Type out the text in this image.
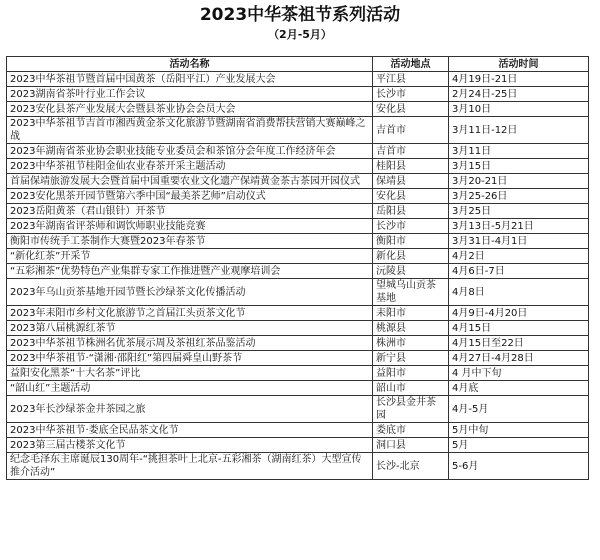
2023中华茶祖节系列活动
（2月-5月）
活动名称	活动地点	活动时间
2023中华茶祖节暨首届中国黄茶（岳阳平江）产业发展大会	平江县	4月19日-21日
2023湖南省茶叶行业工作会议	长沙市	2月24日-25日
2023安化县茶产业发展大会暨县茶业协会会员大会	安化县	3月10日
2023中华茶祖节吉首市湘西黄金茶文化旅游节暨湖南省消费帮扶营销大赛巅峰之战	吉首市	3月11日-12日
2023年湖南省茶业协会职业技能专业委员会和茶馆分会年度工作经济年会	吉首市	3月11日
2023中华茶祖节桂阳金仙农业春茶开采主题活动	桂阳县	3月15日
首届保靖旅游发展大会暨首届中国重要农业文化遗产保靖黄金茶古茶园开园仪式	保靖县	3月20-21日
2023安化黑茶开园节暨第六季中国“最美茶艺师”启动仪式	安化县	3月25-26日
2023岳阳黄茶（君山银针）开茶节	岳阳县	3月25日
2023年湖南省评茶师和调饮师职业技能竞赛	长沙市	3月13日-5月21日
衡阳市传统手工茶制作大赛暨2023年春茶节	衡阳市	3月31日-4月1日
“新化红茶”开采节	新化县	4月2日
“五彩湘茶”优势特色产业集群专家工作推进暨产业观摩培训会	沅陵县	4月6日-7日
2023年乌山贡茶基地开园节暨长沙绿茶文化传播活动	望城乌山贡茶基地	4月8日
2023年耒阳市乡村文化旅游节之首届江头贡茶文化节	耒阳市	4月9日-4月20日
2023第八届桃源红茶节	桃源县	4月15日
2023中华茶祖节株洲名优茶展示周及茶祖红茶品鉴活动	株洲市	4月15日至22日
2023中华茶祖节·“潇湘·邵阳红”第四届舜皇山野茶节	新宁县	4月27日-4月28日
益阳安化黑茶“十大名茶”评比	益阳市	4 月中下旬
“韶山红”主题活动	韶山市	4月底
2023年长沙绿茶金井茶园之旅	长沙县金井茶园	4月-5月
2023中华茶祖节·娄底全民品茶文化节	娄底市	5月中旬
2023第三届古楼茶文化节	洞口县	5月
纪念毛泽东主席诞辰130周年-“挑担茶叶上北京-五彩湘茶（湖南红茶）大型宣传推介活动”	长沙-北京	5-6月
